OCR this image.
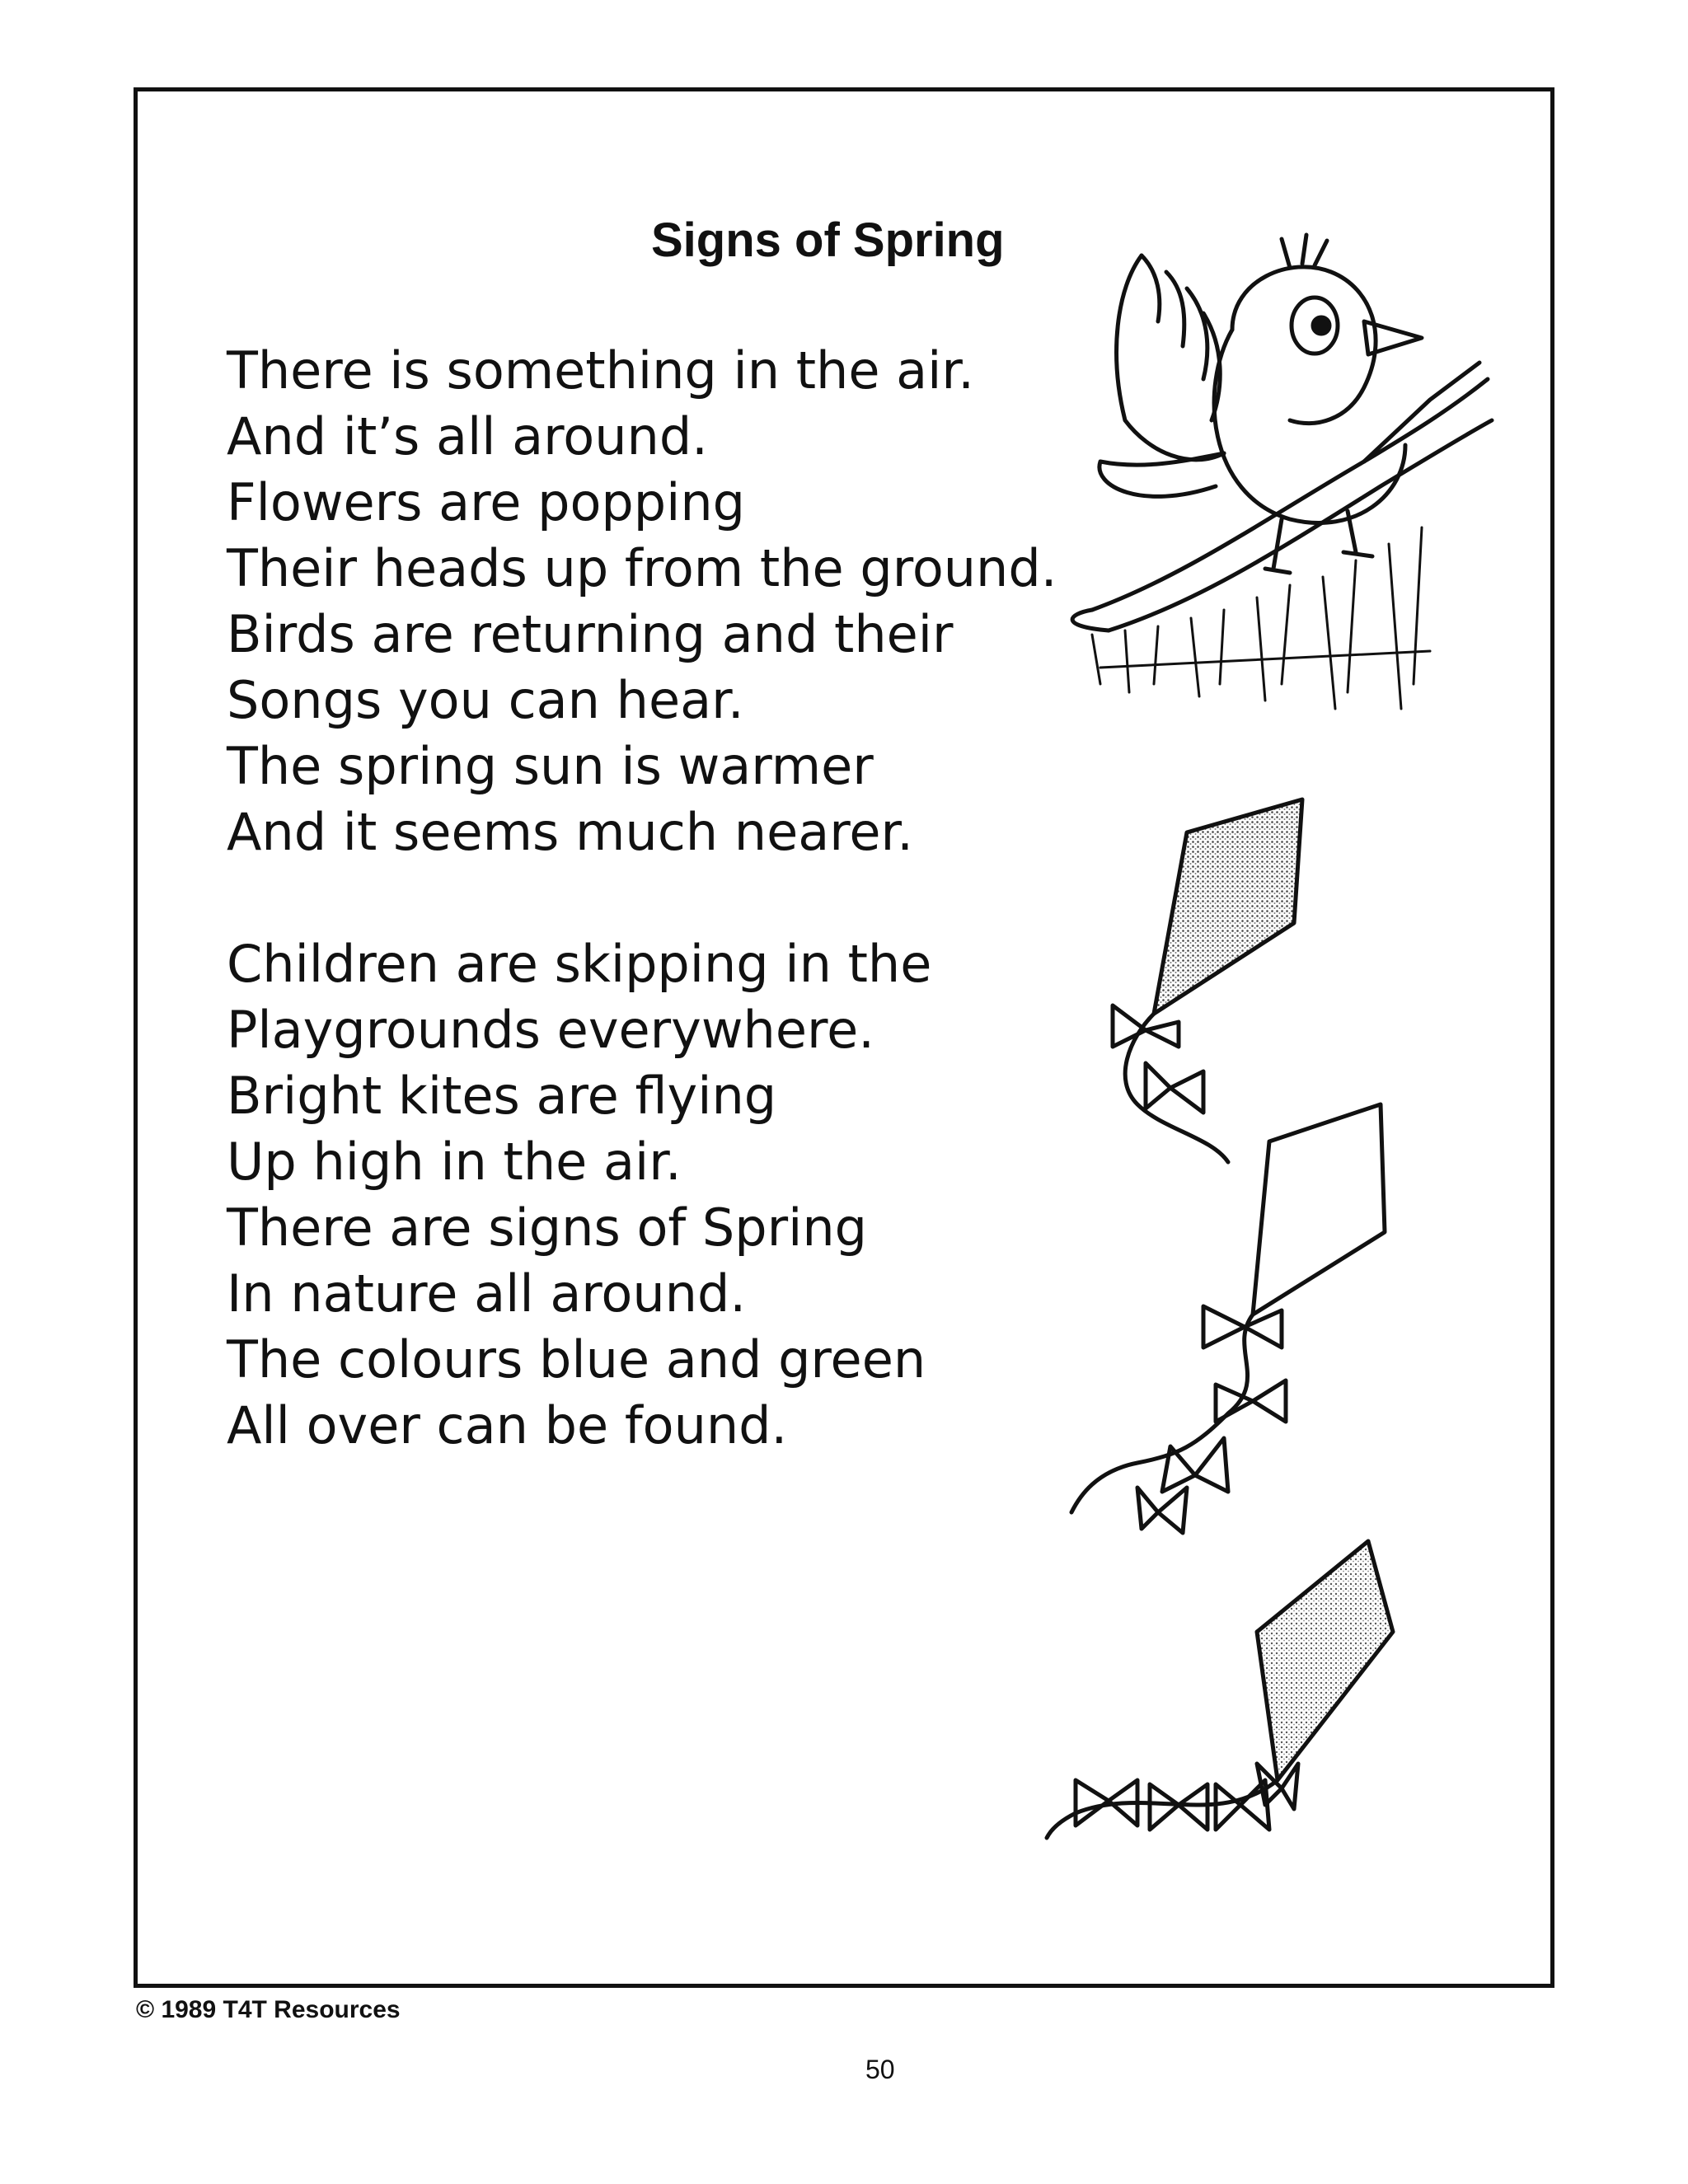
Signs of Spring
There is something in the air.
And it’s all around.
Flowers are popping
Their heads up from the ground.
Birds are returning and their
Songs you can hear.
The spring sun is warmer
And it seems much nearer.
Children are skipping in the
Playgrounds everywhere.
Bright kites are flying
Up high in the air.
There are signs of Spring
In nature all around.
The colours blue and green
All over can be found.
© 1989 T4T Resources
50
